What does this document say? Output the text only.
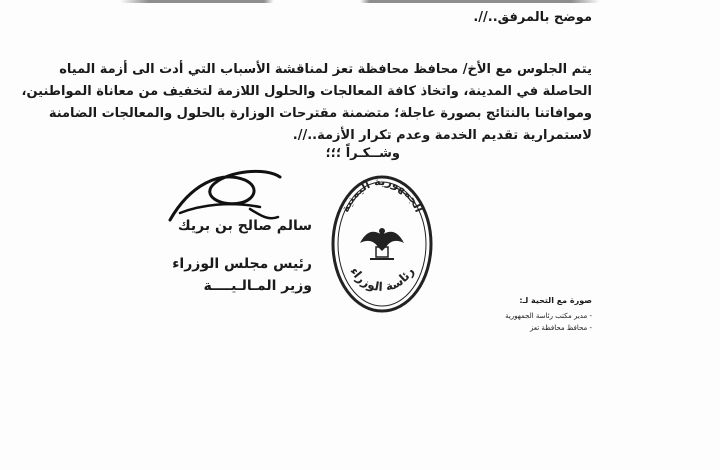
موضح بالمرفق..//.
يتم الجلوس مع الأخ/ محافظ محافظة تعز لمناقشة الأسباب التي أدت الى أزمة المياه
الحاصلة في المدينة، واتخاذ كافة المعالجات والحلول اللازمة لتخفيف من معاناة المواطنين،
وموافاتنا بالنتائج بصورة عاجلة؛ متضمنة مقترحات الوزارة بالحلول والمعالجات الضامنة
لاستمرارية تقديم الخدمة وعدم تكرار الأزمة..//.
وشــكـراً ؛؛؛
سالم صالح بن بريك
رئيس مجلس الوزراء
وزير المـالـيــــة
الجمهورية اليمنية
رئاسة الوزراء
صورة مع التحية لـ:
- مدير مكتب رئاسة الجمهورية
- محافظ محافظة تعز
